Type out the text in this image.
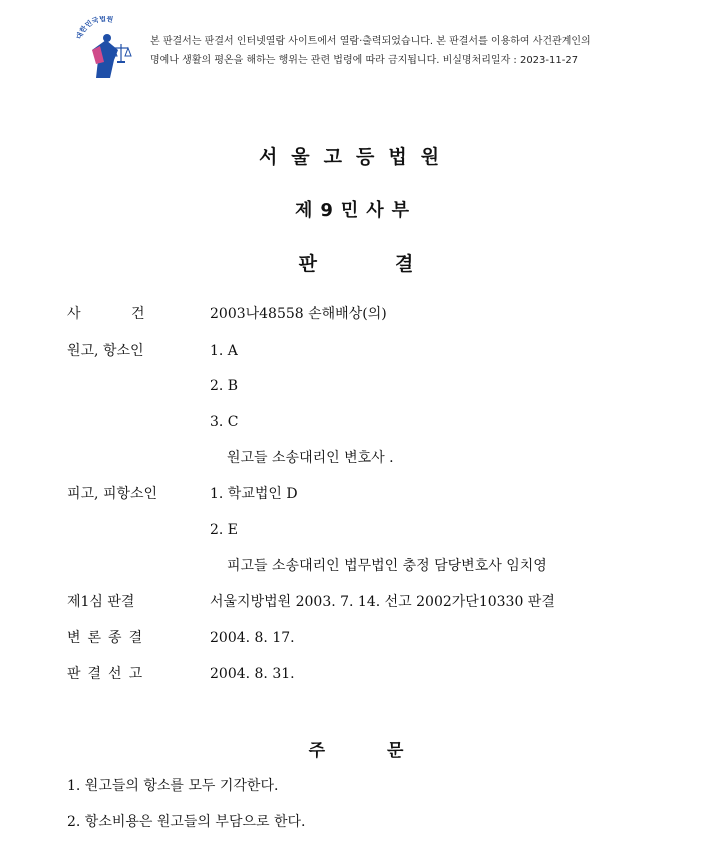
대한민국법원
본 판결서는 판결서 인터넷열람 사이트에서 열람·출력되었습니다. 본 판결서를 이용하여 사건관계인의
명예나 생활의 평온을 해하는 행위는 관련 법령에 따라 금지됩니다. 비실명처리일자 : 2023-11-27
서울고등법원
제9민사부
판결
사	건	2003나48558 손해배상(의)
원고, 항소인	1. A
2. B
3. C
원고들 소송대리인 변호사 .
피고, 피항소인	1. 학교법인 D
2. E
피고들 소송대리인 법무법인 충정 담당변호사 임치영
제1심 판결	서울지방법원 2003. 7. 14. 선고 2002가단10330 판결
변론종결	2004. 8. 17.
판결선고	2004. 8. 31.
주문
1. 원고들의 항소를 모두 기각한다.
2. 항소비용은 원고들의 부담으로 한다.
